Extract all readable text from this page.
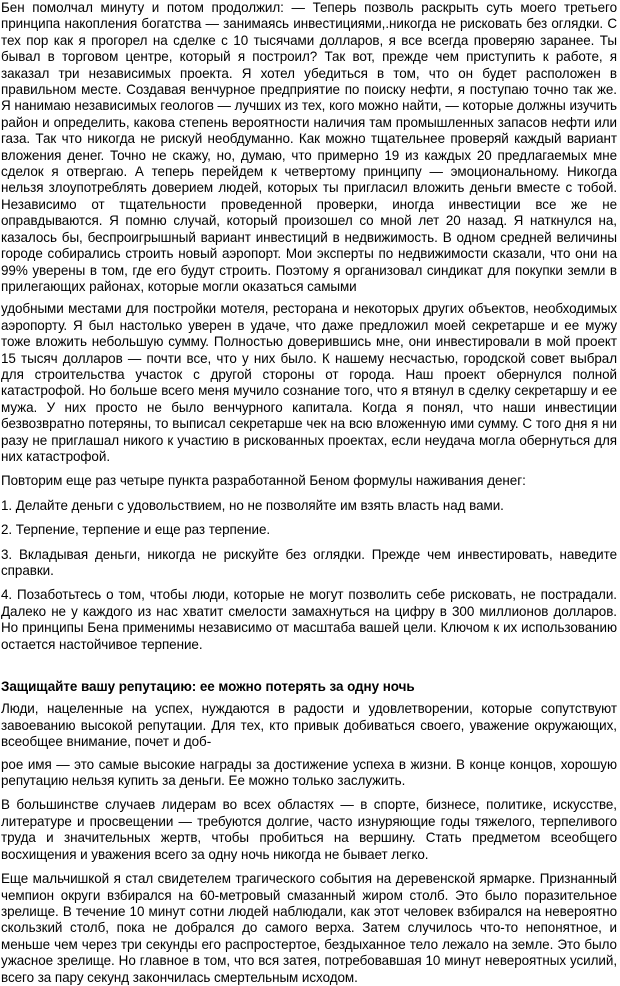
Бен помолчал минуту и потом продолжил: — Теперь позволь раскрыть суть моего третьего принципа накопления богатства — занимаясь инвестициями,.никогда не рисковать без оглядки. С тех пор как я прогорел на сделке с 10 тысячами долларов, я все всегда проверяю заранее. Ты бывал в торговом центре, который я построил? Так вот, прежде чем приступить к работе, я заказал три независимых проекта. Я хотел убедиться в том, что он будет расположен в правильном месте. Создавая венчурное предприятие по поиску нефти, я поступаю точно так же. Я нанимаю независимых геологов — лучших из тех, кого можно найти, — которые должны изучить район и определить, какова степень вероятности наличия там промышленных запасов нефти или газа. Так что никогда не рискуй необдуманно. Как можно тщательнее проверяй каждый вариант вложения денег. Точно не скажу, но, думаю, что примерно 19 из каждых 20 предлагаемых мне сделок я отвергаю. А теперь перейдем к четвертому принципу — эмоциональному. Никогда нельзя злоупотреблять доверием людей, которых ты пригласил вложить деньги вместе с тобой. Независимо от тщательности проведенной проверки, иногда инвестиции все же не оправдываются. Я помню случай, который произошел со мной лет 20 назад. Я наткнулся на, казалось бы, беспроигрышный вариант инвестиций в недвижимость. В одном средней величины городе собирались строить новый аэропорт. Мои эксперты по недвижимости сказали, что они на 99% уверены в том, где его будут строить. Поэтому я организовал синдикат для покупки земли в прилегающих районах, которые могли оказаться самыми

удобными местами для постройки мотеля, ресторана и некоторых других объектов, необходимых аэропорту. Я был настолько уверен в удаче, что даже предложил моей секретарше и ее мужу тоже вложить небольшую сумму. Полностью доверившись мне, они инвестировали в мой проект 15 тысяч долларов — почти все, что у них было. К нашему несчастью, городской совет выбрал для строительства участок с другой стороны от города. Наш проект обернулся полной катастрофой. Но больше всего меня мучило сознание того, что я втянул в сделку секретаршу и ее мужа. У них просто не было венчурного капитала. Когда я понял, что наши инвестиции безвозвратно потеряны, то выписал секретарше чек на всю вложенную ими сумму. С того дня я ни разу не приглашал никого к участию в рискованных проектах, если неудача могла обернуться для них катастрофой.

Повторим еще раз четыре пункта разработанной Беном формулы наживания денег:

1. Делайте деньги с удовольствием, но не позволяйте им взять власть над вами.

2. Терпение, терпение и еще раз терпение.

3. Вкладывая деньги, никогда не рискуйте без оглядки. Прежде чем инвестировать, наведите справки.

4. Позаботьтесь о том, чтобы люди, которые не могут позволить себе рисковать, не пострадали. Далеко не у каждого из нас хватит смелости замахнуться на цифру в 300 миллионов долларов. Но принципы Бена применимы независимо от масштаба вашей цели. Ключом к их использованию остается настойчивое терпение.

Защищайте вашу репутацию: ее можно потерять за одну ночь

Люди, нацеленные на успех, нуждаются в радости и удовлетворении, которые сопутствуют завоеванию высокой репутации. Для тех, кто привык добиваться своего, уважение окружающих, всеобщее внимание, почет и доб-

рое имя — это самые высокие награды за достижение успеха в жизни. В конце концов, хорошую репутацию нельзя купить за деньги. Ее можно только заслужить.

В большинстве случаев лидерам во всех областях — в спорте, бизнесе, политике, искусстве, литературе и просвещении — требуются долгие, часто изнуряющие годы тяжелого, терпеливого труда и значительных жертв, чтобы пробиться на вершину. Стать предметом всеобщего восхищения и уважения всего за одну ночь никогда не бывает легко.

Еще мальчишкой я стал свидетелем трагического события на деревенской ярмарке. Признанный чемпион округи взбирался на 60-метровый смазанный жиром столб. Это было поразительное зрелище. В течение 10 минут сотни людей наблюдали, как этот человек взбирался на невероятно скользкий столб, пока не добрался до самого верха. Затем случилось что-то непонятное, и меньше чем через три секунды его распростертое, бездыханное тело лежало на земле. Это было ужасное зрелище. Но главное в том, что вся затея, потребовавшая 10 минут невероятных усилий, всего за пару секунд закончилась смертельным исходом.
